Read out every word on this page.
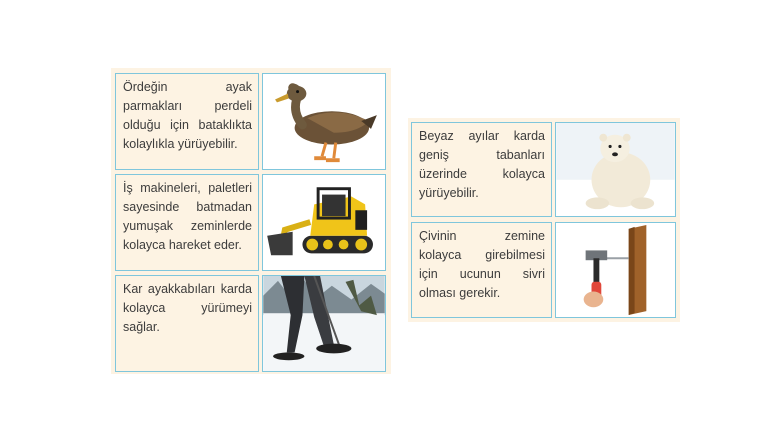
Ördeğin ayak parmakları perdeli olduğu için bataklıkta kolaylıkla yürüyebilir.

İş makineleri, paletleri sayesinde batmadan yumuşak zeminlerde kolayca hareket eder.

Kar ayakkabıları karda kolayca yürümeyi sağlar.

Beyaz ayılar karda geniş tabanları üzerinde kolayca yürüyebilir.

Çivinin zemine kolayca girebilmesi için ucunun sivri olması gerekir.
